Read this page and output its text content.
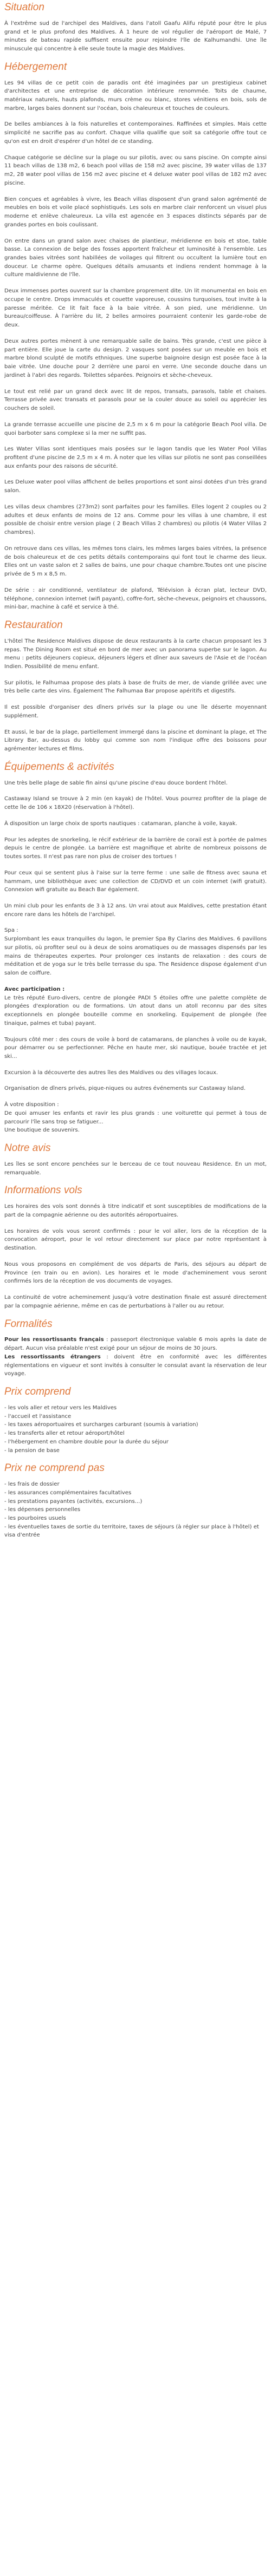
Situation

À l'extrême sud de l'archipel des Maldives, dans l'atoll Gaafu Alifu réputé pour être le plus grand et le plus profond des Maldives. À 1 heure de vol régulier de l'aéroport de Malé, 7 minutes de bateau rapide suffisent ensuite pour rejoindre l'île de Kalhumandhi. Une île minuscule qui concentre à elle seule toute la magie des Maldives.

Hébergement

Les 94 villas de ce petit coin de paradis ont été imaginées par un prestigieux cabinet d'architectes et une entreprise de décoration intérieure renommée. Toits de chaume, matériaux naturels, hauts plafonds, murs crème ou blanc, stores vénitiens en bois, sols de marbre, larges baies donnent sur l'océan, bois chaleureux et touches de couleurs.

De belles ambiances à la fois naturelles et contemporaines. Raffinées et simples. Mais cette simplicité ne sacrifie pas au confort. Chaque villa qualifie que soit sa catégorie offre tout ce qu'on est en droit d'espérer d'un hôtel de ce standing.

Chaque catégorie se décline sur la plage ou sur pilotis, avec ou sans piscine. On compte ainsi 11 beach villas de 138 m2, 6 beach pool villas de 158 m2 avec piscine, 39 water villas de 137 m2, 28 water pool villas de 156 m2 avec piscine et 4 deluxe water pool villas de 182 m2 avec piscine.

Bien conçues et agréables à vivre, les Beach villas disposent d'un grand salon agrémenté de meubles en bois et voile placé sophistiqués. Les sols en marbre clair renforcent un visuel plus moderne et enlève chaleureux. La villa est agencée en 3 espaces distincts séparés par de grandes portes en bois coulissant.

On entre dans un grand salon avec chaises de plantieur, méridienne en bois et stoe, table basse. La connexion de belge des fosses apportent fraîcheur et luminosité à l'ensemble. Les grandes baies vitrées sont habillées de voilages qui filtrent ou occultent la lumière tout en douceur. Le charme opère. Quelques détails amusants et indiens rendent hommage à la culture maldivienne de l'île.

Deux immenses portes ouvrent sur la chambre proprement dite. Un lit monumental en bois en occupe le centre. Drops immaculés et couette vaporeuse, coussins turquoises, tout invite à la paresse méritée. Ce lit fait face à la baie vitrée. À son pied, une méridienne. Un bureau/coiffeuse. À l'arrière du lit, 2 belles armoires pourraient contenir les garde-robe de deux.

Deux autres portes mènent à une remarquable salle de bains. Très grande, c'est une pièce à part entière. Elle joue la carte du design. 2 vasques sont posées sur un meuble en bois et marbre blond sculpté de motifs ethniques. Une superbe baignoire design est posée face à la baie vitrée. Une douche pour 2 derrière une paroi en verre. Une seconde douche dans un jardinet à l'abri des regards. Toilettes séparées. Peignoirs et sèche-cheveux.

Le tout est relié par un grand deck avec lit de repos, transats, parasols, table et chaises. Terrasse privée avec transats et parasols pour se la couler douce au soleil ou apprécier les couchers de soleil.

La grande terrasse accueille une piscine de 2,5 m x 6 m pour la catégorie Beach Pool villa. De quoi barboter sans complexe si la mer ne suffit pas.

Les Water Villas sont identiques mais posées sur le lagon tandis que les Water Pool Villas profitent d'une piscine de 2,5 m x 4 m. À noter que les villas sur pilotis ne sont pas conseillées aux enfants pour des raisons de sécurité.

Les Deluxe water pool villas affichent de belles proportions et sont ainsi dotées d'un très grand salon.

Les villas deux chambres (273m2) sont parfaites pour les familles. Elles logent 2 couples ou 2 adultes et deux enfants de moins de 12 ans. Comme pour les villas à une chambre, il est possible de choisir entre version plage ( 2 Beach Villas 2 chambres) ou pilotis (4 Water Villas 2 chambres).

On retrouve dans ces villas, les mêmes tons clairs, les mêmes larges baies vitrées, la présence de bois chaleureux et de ces petits détails contemporains qui font tout le charme des lieux. Elles ont un vaste salon et 2 salles de bains, une pour chaque chambre.Toutes ont une piscine privée de 5 m x 8,5 m.

De série : air conditionné, ventilateur de plafond, Télévision à écran plat, lecteur DVD, téléphone, connexion internet (wifi payant), coffre-fort, sèche-cheveux, peignoirs et chaussons, mini-bar, machine à café et service à thé.

Restauration

L'hôtel The Residence Maldives dispose de deux restaurants à la carte chacun proposant les 3 repas. The Dining Room est situé en bord de mer avec un panorama superbe sur le lagon. Au menu : petits déjeuners copieux, déjeuners légers et dîner aux saveurs de l'Asie et de l'océan Indien. Possibilité de menu enfant.

Sur pilotis, le Falhumaa propose des plats à base de fruits de mer, de viande grillée avec une très belle carte des vins. Également The Falhumaa Bar propose apéritifs et digestifs.

Il est possible d'organiser des dîners privés sur la plage ou une île déserte moyennant supplément.

Et aussi, le bar de la plage, partiellement immergé dans la piscine et dominant la plage, et The Library Bar, au-dessus du lobby qui comme son nom l'indique offre des boissons pour agrémenter lectures et films.

Équipements & activités

Une très belle plage de sable fin ainsi qu'une piscine d'eau douce bordent l'hôtel.

Castaway Island se trouve à 2 min (en kayak) de l'hôtel. Vous pourrez profiter de la plage de cette île de 106 x 18X20 (réservation à l'hôtel).

À disposition un large choix de sports nautiques : catamaran, planche à voile, kayak.

Pour les adeptes de snorkeling, le récif extérieur de la barrière de corail est à portée de palmes depuis le centre de plongée. La barrière est magnifique et abrite de nombreux poissons de toutes sortes. Il n'est pas rare non plus de croiser des tortues !

Pour ceux qui se sentent plus à l'aise sur la terre ferme : une salle de fitness avec sauna et hammam, une bibliothèque avec une collection de CD/DVD et un coin internet (wifi gratuit). Connexion wifi gratuite au Beach Bar également.

Un mini club pour les enfants de 3 à 12 ans. Un vrai atout aux Maldives, cette prestation étant encore rare dans les hôtels de l'archipel.

Spa :
Surplombant les eaux tranquilles du lagon, le premier Spa By Clarins des Maldives. 6 pavillons sur pilotis, où profiter seul ou à deux de soins aromatiques ou de massages dispensés par les mains de thérapeutes expertes. Pour prolonger ces instants de relaxation : des cours de méditation et de yoga sur le très belle terrasse du spa. The Residence dispose également d'un salon de coiffure.

Avec participation :
Le très réputé Euro-divers, centre de plongée PADI 5 étoiles offre une palette complète de plongées d'exploration ou de formations. Un atout dans un atoll reconnu par des sites exceptionnels en plongée bouteille comme en snorkeling. Equipement de plongée (fee tinaique, palmes et tuba) payant.

Toujours côté mer : des cours de voile à bord de catamarans, de planches à voile ou de kayak, pour démarrer ou se perfectionner. Pêche en haute mer, ski nautique, bouée tractée et jet ski...

Excursion à la découverte des autres îles des Maldives ou des villages locaux.

Organisation de dîners privés, pique-niques ou autres événements sur Castaway Island.

À votre disposition :
De quoi amuser les enfants et ravir les plus grands : une voiturette qui permet à tous de parcourir l'île sans trop se fatiguer...
Une boutique de souvenirs.

Notre avis

Les îles se sont encore penchées sur le berceau de ce tout nouveau Residence. En un mot, remarquable.

Informations vols

Les horaires des vols sont donnés à titre indicatif et sont susceptibles de modifications de la part de la compagnie aérienne ou des autorités aéroportuaires.

Les horaires de vols vous seront confirmés : pour le vol aller, lors de la réception de la convocation aéroport, pour le vol retour directement sur place par notre représentant à destination.

Nous vous proposons en complément de vos départs de Paris, des séjours au départ de Province (en train ou en avion). Les horaires et le mode d'acheminement vous seront confirmés lors de la réception de vos documents de voyages.

La continuité de votre acheminement jusqu'à votre destination finale est assuré directement par la compagnie aérienne, même en cas de perturbations à l'aller ou au retour.

Formalités

Pour les ressortissants français : passeport électronique valable 6 mois après la date de départ. Aucun visa préalable n'est exigé pour un séjour de moins de 30 jours.

Les ressortissants étrangers : doivent être en conformité avec les différentes réglementations en vigueur et sont invités à consulter le consulat avant la réservation de leur voyage.

Prix comprend
- les vols aller et retour vers les Maldives
- l'accueil et l'assistance
- les taxes aéroportuaires et surcharges carburant (soumis à variation)
- les transferts aller et retour aéroport/hôtel
- l'hébergement en chambre double pour la durée du séjour
- la pension de base
Prix ne comprend pas
- les frais de dossier
- les assurances complémentaires facultatives
- les prestations payantes (activités, excursions...)
- les dépenses personnelles
- les pourboires usuels
- les éventuelles taxes de sortie du territoire, taxes de séjours (à régler sur place à l'hôtel) et visa d'entrée
